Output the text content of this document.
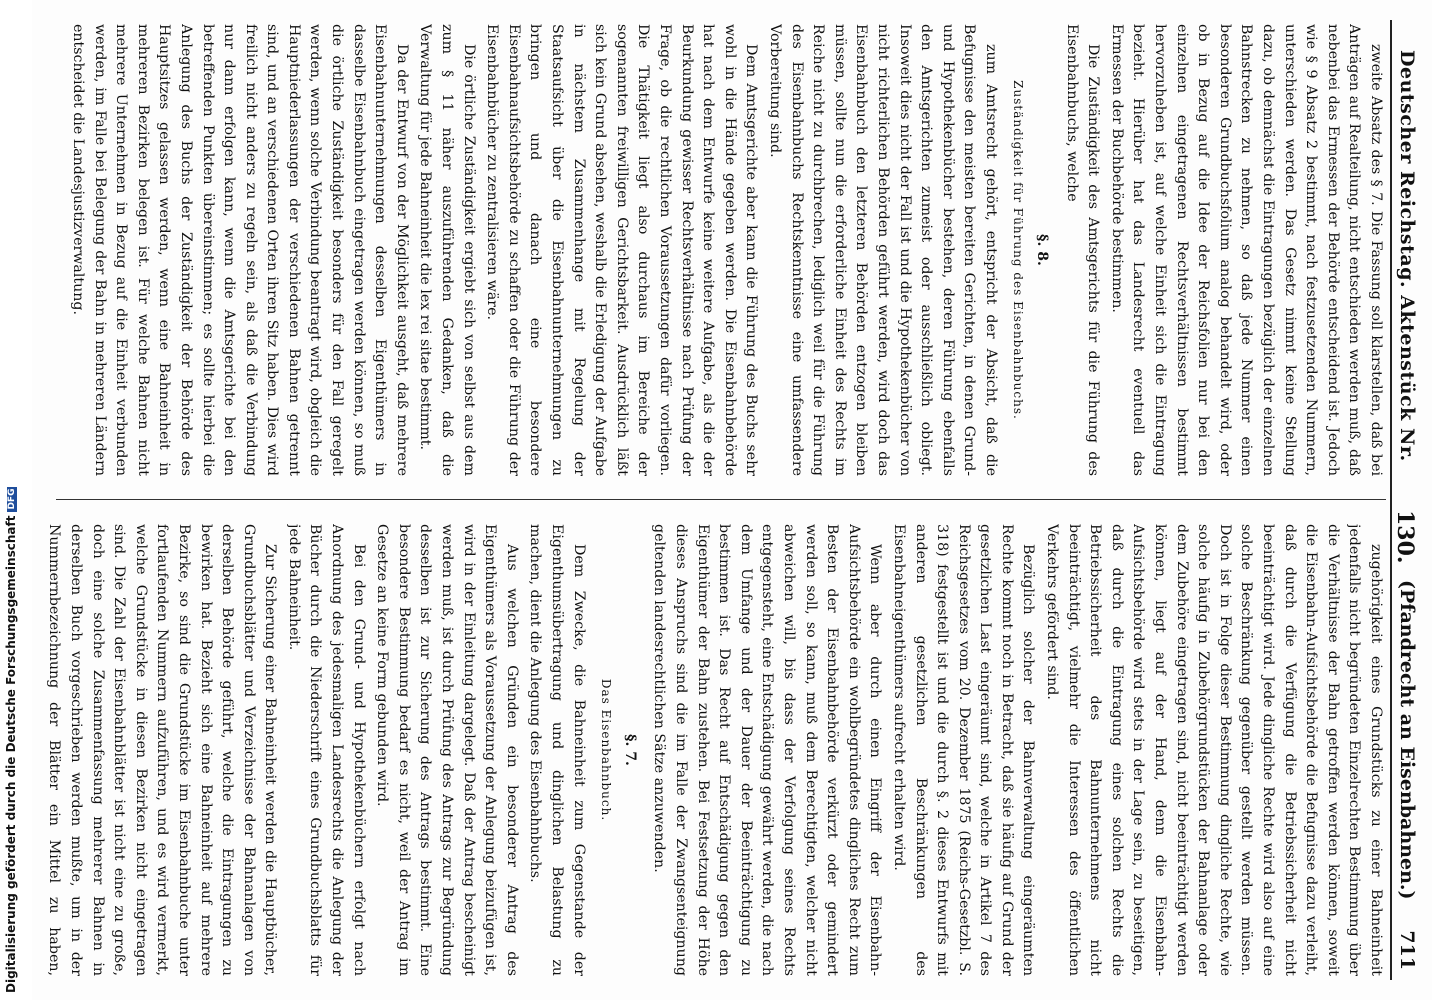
Digitalisierung gefördert durch die Deutsche ForschungsgemeinschaftDFG
Deutscher Reichstag. Aktenstück Nr.
130.
(Pfandrecht an Eisenbahnen.)
711

zweite Absatz des § 7. Die Fassung soll klarstellen, daß bei Anträgen auf Realteilung, nicht entschieden werden muß, daß nebenbei das Ermessen der Behörde entscheidend ist. Jedoch wie § 9 Absatz 2 bestimmt, nach festzusetzenden Nummern, unterschieden werden. Das Gesetz nimmt keine Stellung dazu, ob demnächst die Eintragungen bezüglich der einzelnen Bahnstrecken zu nehmen, so daß jede Nummer einen besonderen Grundbuchsfolium analog behandelt wird, oder ob in Bezug auf die Idee der Reichsfolien nur bei den einzelnen eingetragenen Rechtsverhältnissen bestimmt hervorzuheben ist, auf welche Einheit sich die Eintragung bezieht. Hierüber hat das Landesrecht eventuell das Ermessen der Buchbehörde bestimmen.

Die Zuständigkeit des Amtsgerichts für die Führung des Eisenbahnbuchs, welche

§. 8.
Zuständigkeit für Führung des Eisenbahnbuchs.

zum Amtsrecht gehört, entspricht der Absicht, daß die Befugnisse den meisten bereiten Gerichten, in denen Grund- und Hypothekenbücher bestehen, deren Führung ebenfalls den Amtsgerichten zumeist oder ausschließlich obliegt. Insoweit dies nicht der Fall ist und die Hypothekenbücher von nicht richterlichen Behörden geführt werden, wird doch das Eisenbahnbuch den letzteren Behörden entzogen bleiben müssen, sollte nun die erforderliche Einheit des Rechts im Reiche nicht zu durchbrechen, lediglich weil für die Führung des Eisenbahnbuchs Rechtskenntnisse eine umfassendere Vorbereitung sind.

Dem Amtsgerichte aber kann die Führung des Buchs sehr wohl in die Hände gegeben werden. Die Eisenbahnbehörde hat nach dem Entwurfe keine weitere Aufgabe, als die der Beurkundung gewisser Rechtsverhältnisse nach Prüfung der Frage, ob die rechtlichen Voraussetzungen dafür vorliegen. Die Thätigkeit liegt also durchaus im Bereiche der sogenannten freiwilligen Gerichtsbarkeit. Ausdrücklich läßt sich kein Grund absehen, weshalb die Erledigung der Aufgabe in nächstem Zusammenhange mit Regelung der Staatsaufsicht über die Eisenbahnunternehmungen zu bringen und danach eine besondere Eisenbahnaufsichtsbehörde zu schaffen oder die Führung der Eisenbahnbücher zu zentralisieren wäre.

Die örtliche Zuständigkeit ergiebt sich von selbst aus dem zum § 11 näher auszuführenden Gedanken, daß die Verwaltung für jede Bahneinheit die lex rei sitae bestimmt.

Da der Entwurf von der Möglichkeit ausgeht, daß mehrere Eisenbahnunternehmungen desselben Eigenthümers in dasselbe Eisenbahnbuch eingetragen werden können, so muß die örtliche Zuständigkeit besonders für den Fall geregelt werden, wenn solche Verbindung beantragt wird, obgleich die Hauptniederlassungen der verschiedenen Bahnen getrennt sind, und an verschiedenen Orten ihren Sitz haben. Dies wird freilich nicht anders zu regeln sein, als daß die Verbindung nur dann erfolgen kann, wenn die Amtsgerichte bei den betreffenden Punkten übereinstimmen; es sollte hierbei die Anlegung des Buchs der Zuständigkeit der Behörde des Hauptsitzes gelassen werden, wenn eine Bahneinheit in mehreren Bezirken belegen ist. Für welche Bahnen nicht mehrere Unternehmen in Bezug auf die Einheit verbunden werden, im Falle bei Belegung der Bahn in mehreren Ländern entscheidet die Landesjustizverwaltung.

zugehörigkeit eines Grundstücks zu einer Bahneinheit jedenfalls nicht begründeten Einzelrechten Bestimmung über die Verhältnisse der Bahn getroffen werden können, soweit die Eisenbahn-Aufsichtsbehörde die Befugnisse dazu verleiht, daß durch die Verfügung die Betriebssicherheit nicht beeinträchtigt wird. Jede dingliche Rechte wird also auf eine solche Beschränkung gegenüber gestellt werden müssen. Doch ist in Folge dieser Bestimmung dingliche Rechte, wie solche häufig in Zubehörgrundstücken der Bahnanlage oder dem Zubehöre eingetragen sind, nicht beeinträchtigt werden können, liegt auf der Hand, denn die Eisenbahn-Aufsichtsbehörde wird stets in der Lage sein, zu beseitigen, daß durch die Eintragung eines solchen Rechts die Betriebssicherheit des Bahnunternehmens nicht beeinträchtigt, vielmehr die Interessen des öffentlichen Verkehrs gefördert sind.

Bezüglich solcher der Bahnverwaltung eingeräumten Rechte kommt noch in Betracht, daß sie häufig auf Grund der gesetzlichen Last eingeräumt sind, welche in Artikel 7 des Reichsgesetzes vom 20. Dezember 1875 (Reichs-Gesetzbl. S. 318) festgestellt ist und die durch §. 2 dieses Entwurfs mit anderen gesetzlichen Beschränkungen des Eisenbahneigenthümers aufrecht erhalten wird.

Wenn aber durch einen Eingriff der Eisenbahn-Aufsichtsbehörde ein wohlbegründetes dingliches Recht zum Besten der Eisenbahnbehörde verkürzt oder gemindert werden soll, so kann, muß dem Berechtigten, welcher nicht abweichen will, bis dass der Verfolgung seines Rechts entgegensteht, eine Entschädigung gewährt werden, die nach dem Umfange und der Dauer der Beeinträchtigung zu bestimmen ist. Das Recht auf Entschädigung gegen den Eigenthümer der Bahn zustehen. Bei Festsetzung der Höhe dieses Anspruchs sind die im Falle der Zwangsenteignung geltenden landesrechtlichen Sätze anzuwenden.

§. 7.
Das Eisenbahnbuch.

Dem Zwecke, die Bahneinheit zum Gegenstande der Eigenthumsübertragung und dinglichen Belastung zu machen, dient die Anlegung des Eisenbahnbuchs.

Aus welchen Gründen ein besonderer Antrag des Eigenthümers als Voraussetzung der Anlegung beizufügen ist, wird in der Einleitung dargelegt. Daß der Antrag bescheinigt werden muß, ist durch Prüfung des Antrags zur Begründung desselben ist zur Sicherung des Antrags bestimmt. Eine besondere Bestimmung bedarf es nicht, weil der Antrag im Gesetze an keine Form gebunden wird.

Bei den Grund- und Hypothekenbüchern erfolgt nach Anordnung des jedesmaligen Landesrechts die Anlegung der Bücher durch die Niederschrift eines Grundbuchsblatts für jede Bahneinheit.

Zur Sicherung einer Bahneinheit werden die Hauptbücher, Grundbuchsblätter und Verzeichnisse der Bahnanlagen von derselben Behörde geführt, welche die Eintragungen zu bewirken hat. Bezieht sich eine Bahneinheit auf mehrere Bezirke, so sind die Grundstücke im Eisenbahnbuche unter fortlaufenden Nummern aufzuführen, und es wird vermerkt, welche Grundstücke in diesen Bezirken nicht eingetragen sind. Die Zahl der Eisenbahnblätter ist nicht eine zu große, doch eine solche Zusammenfassung mehrerer Bahnen in derselben Buch vorgeschrieben werden mußte, um in der Nummernbezeichnung der Blätter ein Mittel zu haben,
